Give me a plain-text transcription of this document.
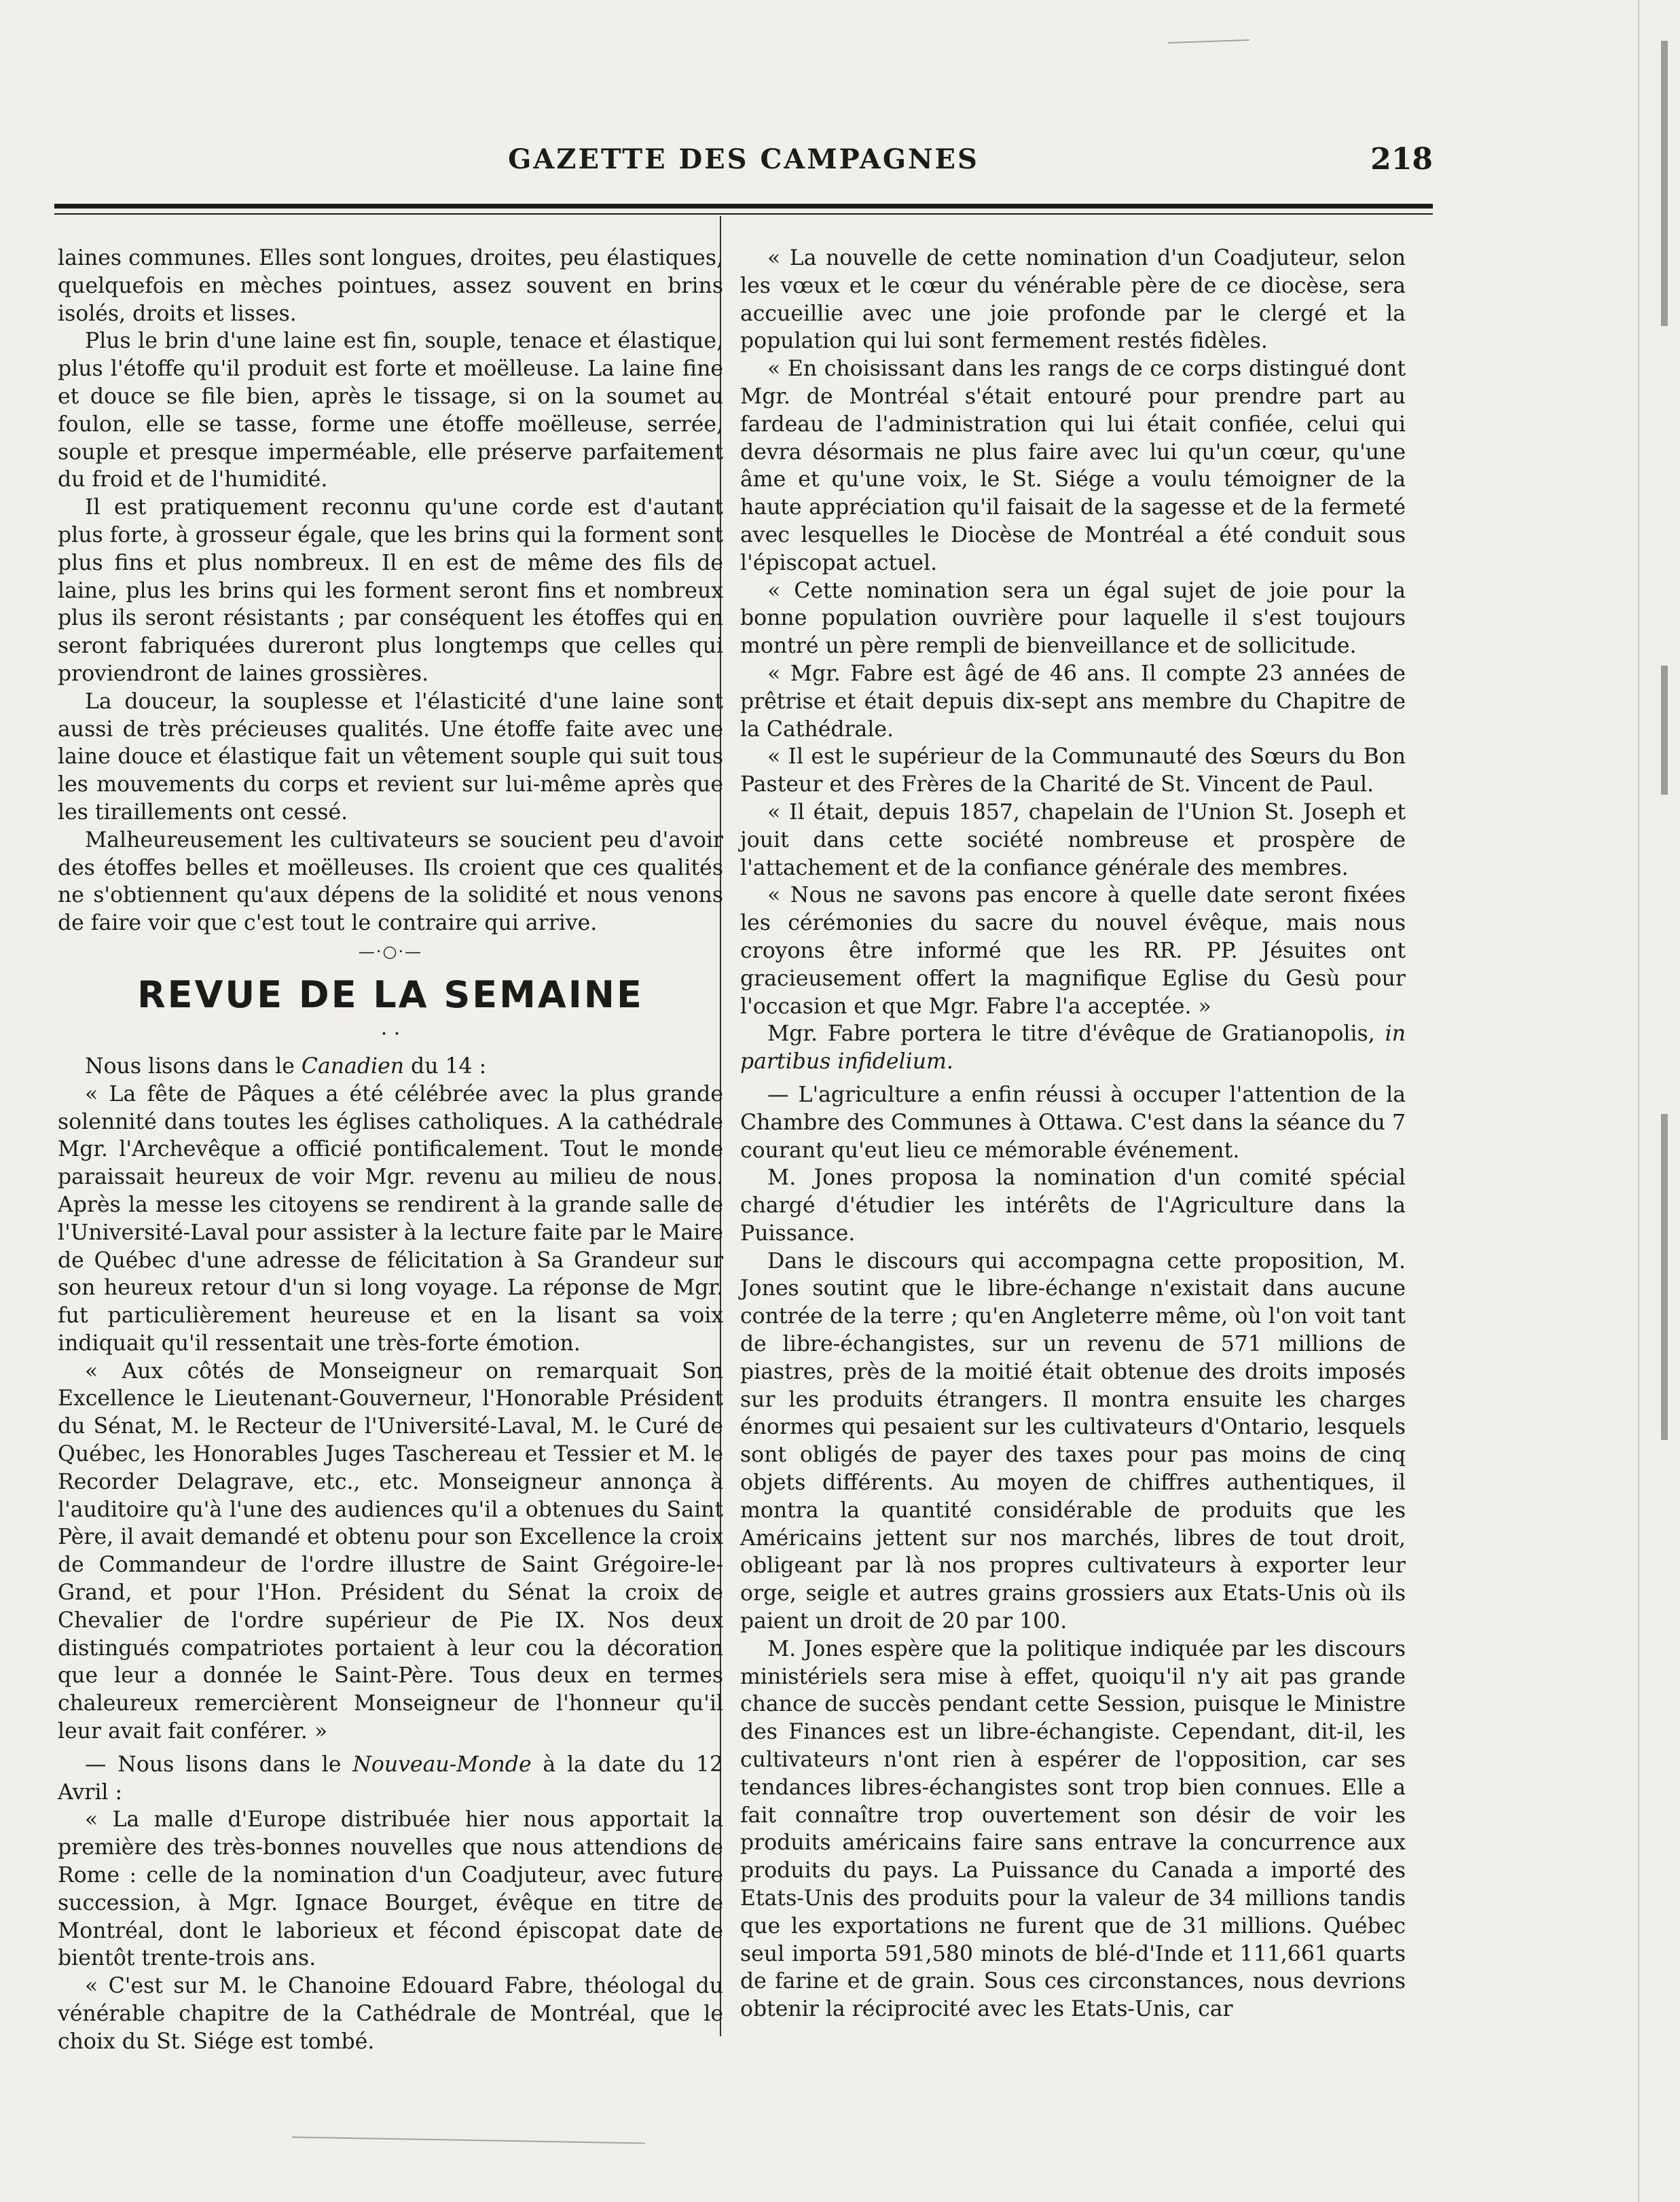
GAZETTE DES CAMPAGNES	218

laines communes. Elles sont longues, droites, peu élastiques, quelquefois en mèches pointues, assez souvent en brins isolés, droits et lisses.

Plus le brin d'une laine est fin, souple, tenace et élastique, plus l'étoffe qu'il produit est forte et moëlleuse. La laine fine et douce se file bien, après le tissage, si on la soumet au foulon, elle se tasse, forme une étoffe moëlleuse, serrée, souple et presque imperméable, elle préserve parfaitement du froid et de l'humidité.

Il est pratiquement reconnu qu'une corde est d'autant plus forte, à grosseur égale, que les brins qui la forment sont plus fins et plus nombreux. Il en est de même des fils de laine, plus les brins qui les forment seront fins et nombreux plus ils seront résistants ; par conséquent les étoffes qui en seront fabriquées dureront plus longtemps que celles qui proviendront de laines grossières.

La douceur, la souplesse et l'élasticité d'une laine sont aussi de très précieuses qualités. Une étoffe faite avec une laine douce et élastique fait un vêtement souple qui suit tous les mouvements du corps et revient sur lui-même après que les tiraillements ont cessé.

Malheureusement les cultivateurs se soucient peu d'avoir des étoffes belles et moëlleuses. Ils croient que ces qualités ne s'obtiennent qu'aux dépens de la solidité et nous venons de faire voir que c'est tout le contraire qui arrive.

—·○·—
REVUE DE LA SEMAINE
· ·

Nous lisons dans le Canadien du 14 :

« La fête de Pâques a été célébrée avec la plus grande solennité dans toutes les églises catholiques. A la cathédrale Mgr. l'Archevêque a officié pontificalement. Tout le monde paraissait heureux de voir Mgr. revenu au milieu de nous. Après la messe les citoyens se rendirent à la grande salle de l'Université-Laval pour assister à la lecture faite par le Maire de Québec d'une adresse de félicitation à Sa Grandeur sur son heureux retour d'un si long voyage. La réponse de Mgr. fut particulièrement heureuse et en la lisant sa voix indiquait qu'il ressentait une très-forte émotion.

« Aux côtés de Monseigneur on remarquait Son Excellence le Lieutenant-Gouverneur, l'Honorable Président du Sénat, M. le Recteur de l'Université-Laval, M. le Curé de Québec, les Honorables Juges Taschereau et Tessier et M. le Recorder Delagrave, etc., etc. Monseigneur annonça à l'auditoire qu'à l'une des audiences qu'il a obtenues du Saint Père, il avait demandé et obtenu pour son Excellence la croix de Commandeur de l'ordre illustre de Saint Grégoire-le-Grand, et pour l'Hon. Président du Sénat la croix de Chevalier de l'ordre supérieur de Pie IX. Nos deux distingués compatriotes portaient à leur cou la décoration que leur a donnée le Saint-Père. Tous deux en termes chaleureux remercièrent Monseigneur de l'honneur qu'il leur avait fait conférer. »

— Nous lisons dans le Nouveau-Monde à la date du 12 Avril :

« La malle d'Europe distribuée hier nous apportait la première des très-bonnes nouvelles que nous attendions de Rome : celle de la nomination d'un Coadjuteur, avec future succession, à Mgr. Ignace Bourget, évêque en titre de Montréal, dont le laborieux et fécond épiscopat date de bientôt trente-trois ans.

« C'est sur M. le Chanoine Edouard Fabre, théologal du vénérable chapitre de la Cathédrale de Montréal, que le choix du St. Siége est tombé.

« La nouvelle de cette nomination d'un Coadjuteur, selon les vœux et le cœur du vénérable père de ce diocèse, sera accueillie avec une joie profonde par le clergé et la population qui lui sont fermement restés fidèles.

« En choisissant dans les rangs de ce corps distingué dont Mgr. de Montréal s'était entouré pour prendre part au fardeau de l'administration qui lui était confiée, celui qui devra désormais ne plus faire avec lui qu'un cœur, qu'une âme et qu'une voix, le St. Siége a voulu témoigner de la haute appréciation qu'il faisait de la sagesse et de la fermeté avec lesquelles le Diocèse de Montréal a été conduit sous l'épiscopat actuel.

« Cette nomination sera un égal sujet de joie pour la bonne population ouvrière pour laquelle il s'est toujours montré un père rempli de bienveillance et de sollicitude.

« Mgr. Fabre est âgé de 46 ans. Il compte 23 années de prêtrise et était depuis dix-sept ans membre du Chapitre de la Cathédrale.

« Il est le supérieur de la Communauté des Sœurs du Bon Pasteur et des Frères de la Charité de St. Vincent de Paul.

« Il était, depuis 1857, chapelain de l'Union St. Joseph et jouit dans cette société nombreuse et prospère de l'attachement et de la confiance générale des membres.

« Nous ne savons pas encore à quelle date seront fixées les cérémonies du sacre du nouvel évêque, mais nous croyons être informé que les RR. PP. Jésuites ont gracieusement offert la magnifique Eglise du Gesù pour l'occasion et que Mgr. Fabre l'a acceptée. »

Mgr. Fabre portera le titre d'évêque de Gratianopolis, in partibus infidelium.

— L'agriculture a enfin réussi à occuper l'attention de la Chambre des Communes à Ottawa. C'est dans la séance du 7 courant qu'eut lieu ce mémorable événement.

M. Jones proposa la nomination d'un comité spécial chargé d'étudier les intérêts de l'Agriculture dans la Puissance.

Dans le discours qui accompagna cette proposition, M. Jones soutint que le libre-échange n'existait dans aucune contrée de la terre ; qu'en Angleterre même, où l'on voit tant de libre-échangistes, sur un revenu de 571 millions de piastres, près de la moitié était obtenue des droits imposés sur les produits étrangers. Il montra ensuite les charges énormes qui pesaient sur les cultivateurs d'Ontario, lesquels sont obligés de payer des taxes pour pas moins de cinq objets différents. Au moyen de chiffres authentiques, il montra la quantité considérable de produits que les Américains jettent sur nos marchés, libres de tout droit, obligeant par là nos propres cultivateurs à exporter leur orge, seigle et autres grains grossiers aux Etats-Unis où ils paient un droit de 20 par 100.

M. Jones espère que la politique indiquée par les discours ministériels sera mise à effet, quoiqu'il n'y ait pas grande chance de succès pendant cette Session, puisque le Ministre des Finances est un libre-échangiste. Cependant, dit-il, les cultivateurs n'ont rien à espérer de l'opposition, car ses tendances libres-échangistes sont trop bien connues. Elle a fait connaître trop ouvertement son désir de voir les produits américains faire sans entrave la concurrence aux produits du pays. La Puissance du Canada a importé des Etats-Unis des produits pour la valeur de 34 millions tandis que les exportations ne furent que de 31 millions. Québec seul importa 591,580 minots de blé-d'Inde et 111,661 quarts de farine et de grain. Sous ces circonstances, nous devrions obtenir la réciprocité avec les Etats-Unis, car
